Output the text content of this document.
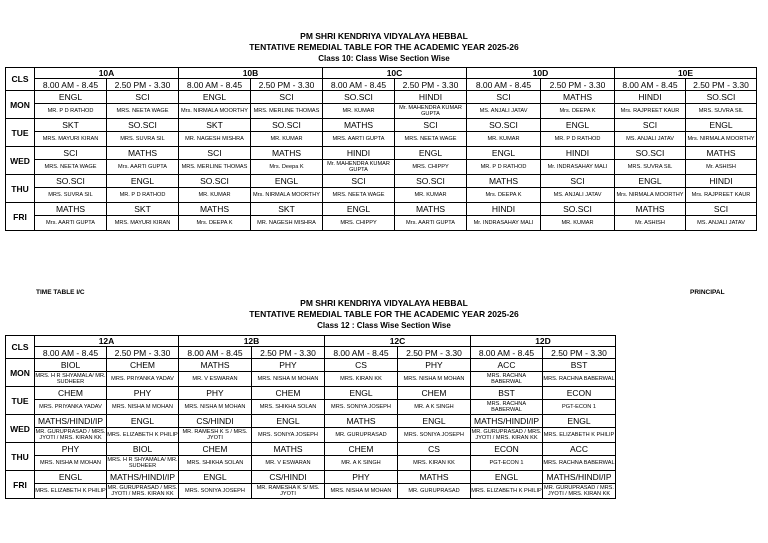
PM SHRI KENDRIYA VIDYALAYA HEBBAL
TENTATIVE REMEDIAL TABLE FOR THE ACADEMIC YEAR 2025-26
Class 10: Class Wise Section Wise
CLS	10A		10B		10C		10D		10E	
	8.00 AM - 8.45	2.50 PM - 3.30	8.00 AM - 8.45	2.50 PM - 3.30	8.00 AM - 8.45	2.50 PM - 3.30	8.00 AM - 8.45	2.50 PM - 3.30	8.00 AM - 8.45	2.50 PM - 3.30
MON	ENGL	SCI	ENGL	SCI	SO.SCI	HINDI	SCI	MATHS	HINDI	SO.SCI
	MR. P D RATHOD	MRS. NEETA WAGE	Mrs. NIRMALA MOORTHY	MRS. MERLINE THOMAS	MR. KUMAR	Mr. MAHENDRA KUMAR GUPTA	MS. ANJALI JATAV	Mrs. DEEPA K	Mrs. RAJPREET KAUR	MRS. SUVRA SIL
TUE	SKT	SO.SCI	SKT	SO.SCI	MATHS	SCI	SO.SCI	ENGL	SCI	ENGL
	MRS. MAYURI KIRAN	MRS. SUVRA SIL	MR. NAGESH MISHRA	MR. KUMAR	MRS. AARTI GUPTA	MRS. NEETA WAGE	MR. KUMAR	MR. P D RATHOD	MS. ANJALI JATAV	Mrs. NIRMALA MOORTHY
WED	SCI	MATHS	SCI	MATHS	HINDI	ENGL	ENGL	HINDI	SO.SCI	MATHS
	MRS. NEETA WAGE	Mrs. AARTI GUPTA	MRS. MERLINE THOMAS	Mrs. Deepa K	Mr. MAHENDRA KUMAR GUPTA	MRS. CHIPPY	MR. P D RATHOD	Mr. INDRASAHAY MALI	MRS. SUVRA SIL	Mr. ASHISH
THU	SO.SCI	ENGL	SO.SCI	ENGL	SCI	SO.SCI	MATHS	SCI	ENGL	HINDI
	MRS. SUVRA SIL	MR. P D RATHOD	MR. KUMAR	Mrs. NIRMALA MOORTHY	MRS. NEETA WAGE	MR. KUMAR	Mrs. DEEPA K	MS. ANJALI JATAV	Mrs. NIRMALA MOORTHY	Mrs. RAJPREET KAUR
FRI	MATHS	SKT	MATHS	SKT	ENGL	MATHS	HINDI	SO.SCI	MATHS	SCI
	Mrs. AARTI GUPTA	MRS. MAYURI KIRAN	Mrs. DEEPA K	MR. NAGESH MISHRA	MRS. CHIPPY	Mrs. AARTI GUPTA	Mr. INDRASAHAY MALI	MR. KUMAR	Mr. ASHISH	MS. ANJALI JATAV
TIME TABLE I/C	PRINCIPAL
PM SHRI KENDRIYA VIDYALAYA HEBBAL
TENTATIVE REMEDIAL TABLE FOR THE ACADEMIC YEAR 2025-26
Class 12 : Class Wise Section Wise
CLS	12A		12B		12C		12D	
	8.00 AM - 8.45	2.50 PM - 3.30	8.00 AM - 8.45	2.50 PM - 3.30	8.00 AM - 8.45	2.50 PM - 3.30	8.00 AM - 8.45	2.50 PM - 3.30
MON	BIOL	CHEM	MATHS	PHY	CS	PHY	ACC	BST
	MRS. H R SHYAMALA/ MR. SUDHEER	MRS. PRIYANKA YADAV	MR. V ESWARAN	MRS. NISHA M MOHAN	MRS. KIRAN KK	MRS. NISHA M MOHAN	MRS. RACHNA BABERWAL	MRS. RACHNA BABERWAL
TUE	CHEM	PHY	PHY	CHEM	ENGL	CHEM	BST	ECON
	MRS. PRIYANKA YADAV	MRS. NISHA M MOHAN	MRS. NISHA M MOHAN	MRS. SHIKHA SOLAN	MRS. SONIYA JOSEPH	MR. A K SINGH	MRS. RACHNA BABERWAL	PGT-ECON 1
WED	MATHS/HINDI/IP	ENGL	CS/HINDI	ENGL	MATHS	ENGL	MATHS/HINDI/IP	ENGL
	MR. GURUPRASAD / MRS. JYOTI / MRS. KIRAN KK	MRS. ELIZABETH K PHILIP	MR. RAMESH K S / MRS. JYOTI	MRS. SONIYA JOSEPH	MR. GURUPRASAD	MRS. SONIYA JOSEPH	MR. GURUPRASAD / MRS. JYOTI / MRS. KIRAN KK	MRS. ELIZABETH K PHILIP
THU	PHY	BIOL	CHEM	MATHS	CHEM	CS	ECON	ACC
	MRS. NISHA M MOHAN	MRS. H R SHYAMALA/ MR. SUDHEER	MRS. SHIKHA SOLAN	MR. V ESWARAN	MR. A K SINGH	MRS. KIRAN KK	PGT-ECON 1	MRS. RACHNA BABERWAL
FRI	ENGL	MATHS/HINDI/IP	ENGL	CS/HINDI	PHY	MATHS	ENGL	MATHS/HINDI/IP
	MRS. ELIZABETH K PHILIP	MR. GURUPRASAD / MRS. JYOTI / MRS. KIRAN KK	MRS. SONIYA JOSEPH	MR. RAMESHA K S/ MS. JYOTI	MRS. NISHA M MOHAN	MR. GURUPRASAD	MRS. ELIZABETH K PHILIP	MR. GURUPRASAD / MRS. JYOTI / MRS. KIRAN KK
